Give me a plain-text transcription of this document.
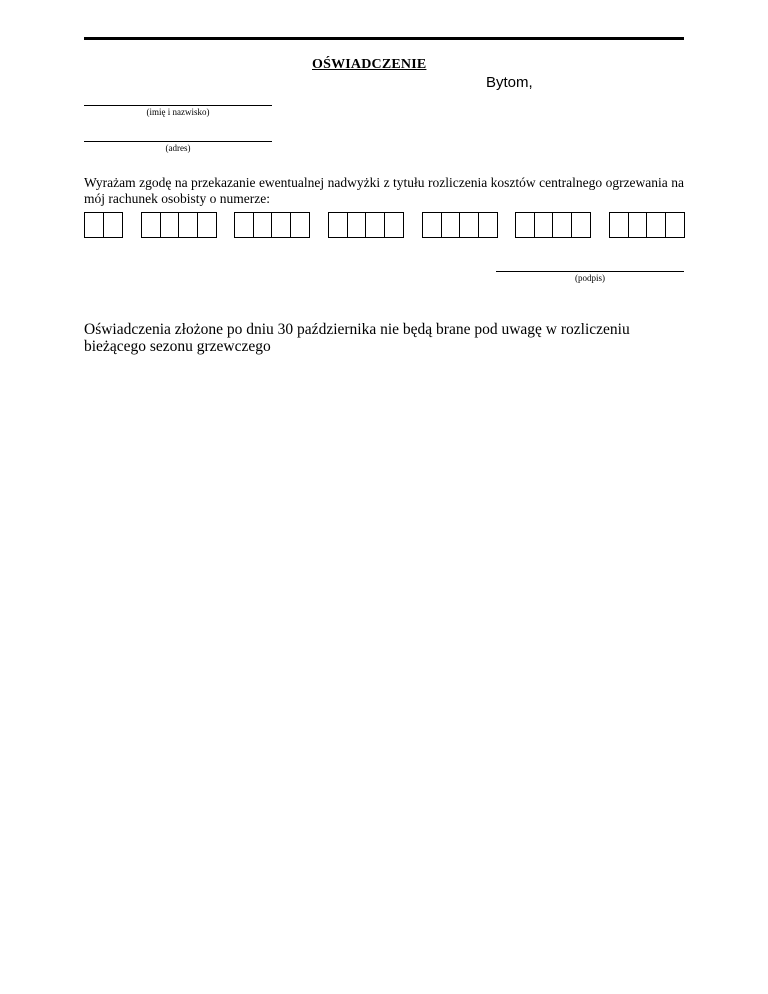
OŚWIADCZENIE
Bytom,
(imię i nazwisko)
(adres)
Wyrażam zgodę na przekazanie ewentualnej nadwyżki z tytułu rozliczenia kosztów centralnego ogrzewania na mój rachunek osobisty o numerze:
(podpis)
Oświadczenia złożone po dniu 30 października nie będą brane pod uwagę w rozliczeniu
bieżącego sezonu grzewczego
